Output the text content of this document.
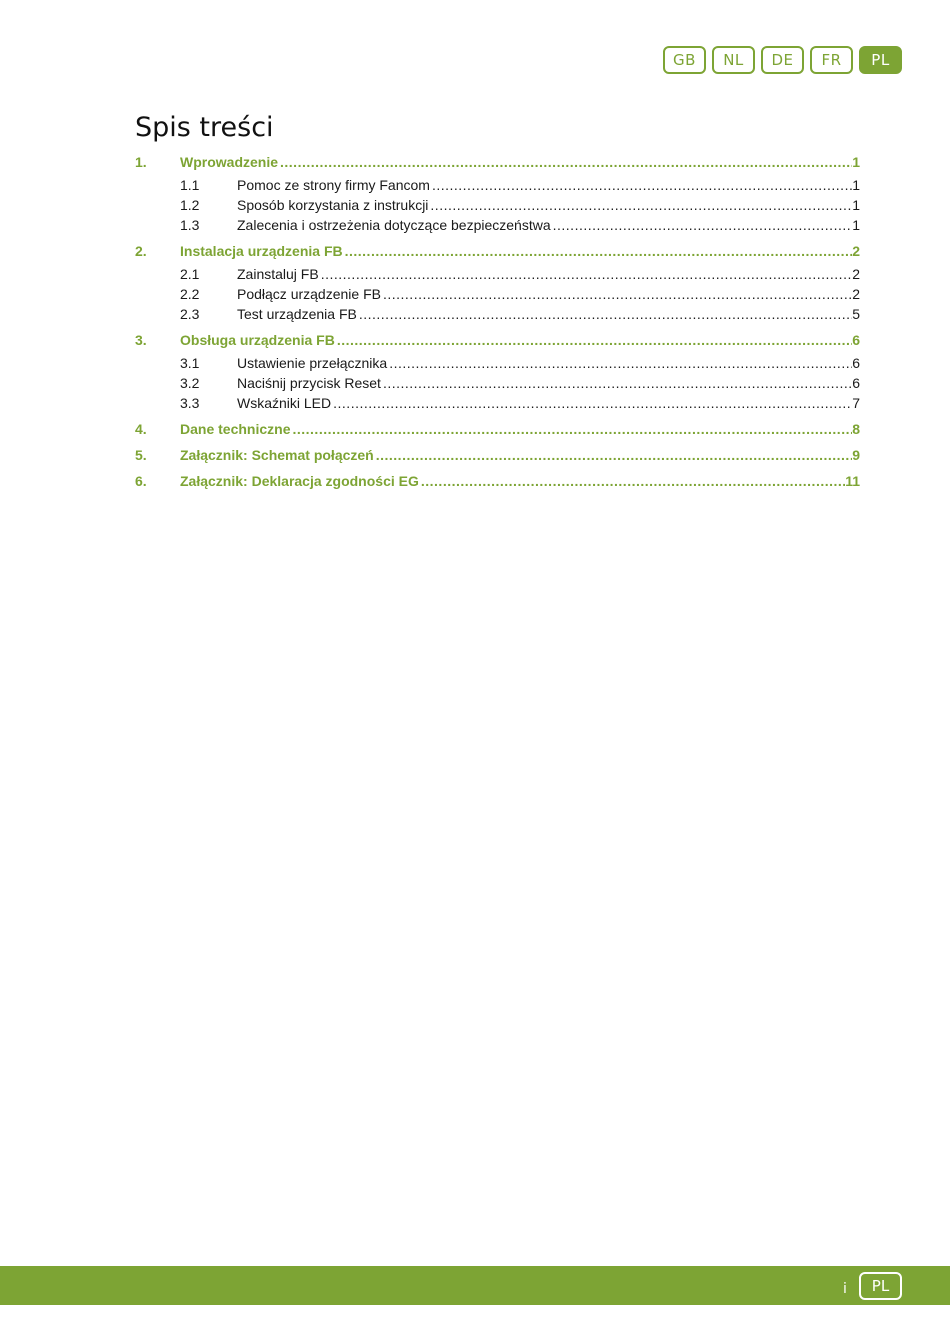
GB	NL	DE	FR	PL
Spis treści
1.	Wprowadzenie .....	1
1.1	Pomoc ze strony firmy Fancom .....	1
1.2	Sposób korzystania z instrukcji .....	1
1.3	Zalecenia i ostrzeżenia dotyczące bezpieczeństwa .....	1
2.	Instalacja urządzenia FB .....	2
2.1	Zainstaluj FB .....	2
2.2	Podłącz urządzenie FB .....	2
2.3	Test urządzenia FB .....	5
3.	Obsługa urządzenia FB .....	6
3.1	Ustawienie przełącznika .....	6
3.2	Naciśnij przycisk Reset .....	6
3.3	Wskaźniki LED .....	7
4.	Dane techniczne .....	8
5.	Załącznik: Schemat połączeń .....	9
6.	Załącznik: Deklaracja zgodności EG .....	11
i	PL
